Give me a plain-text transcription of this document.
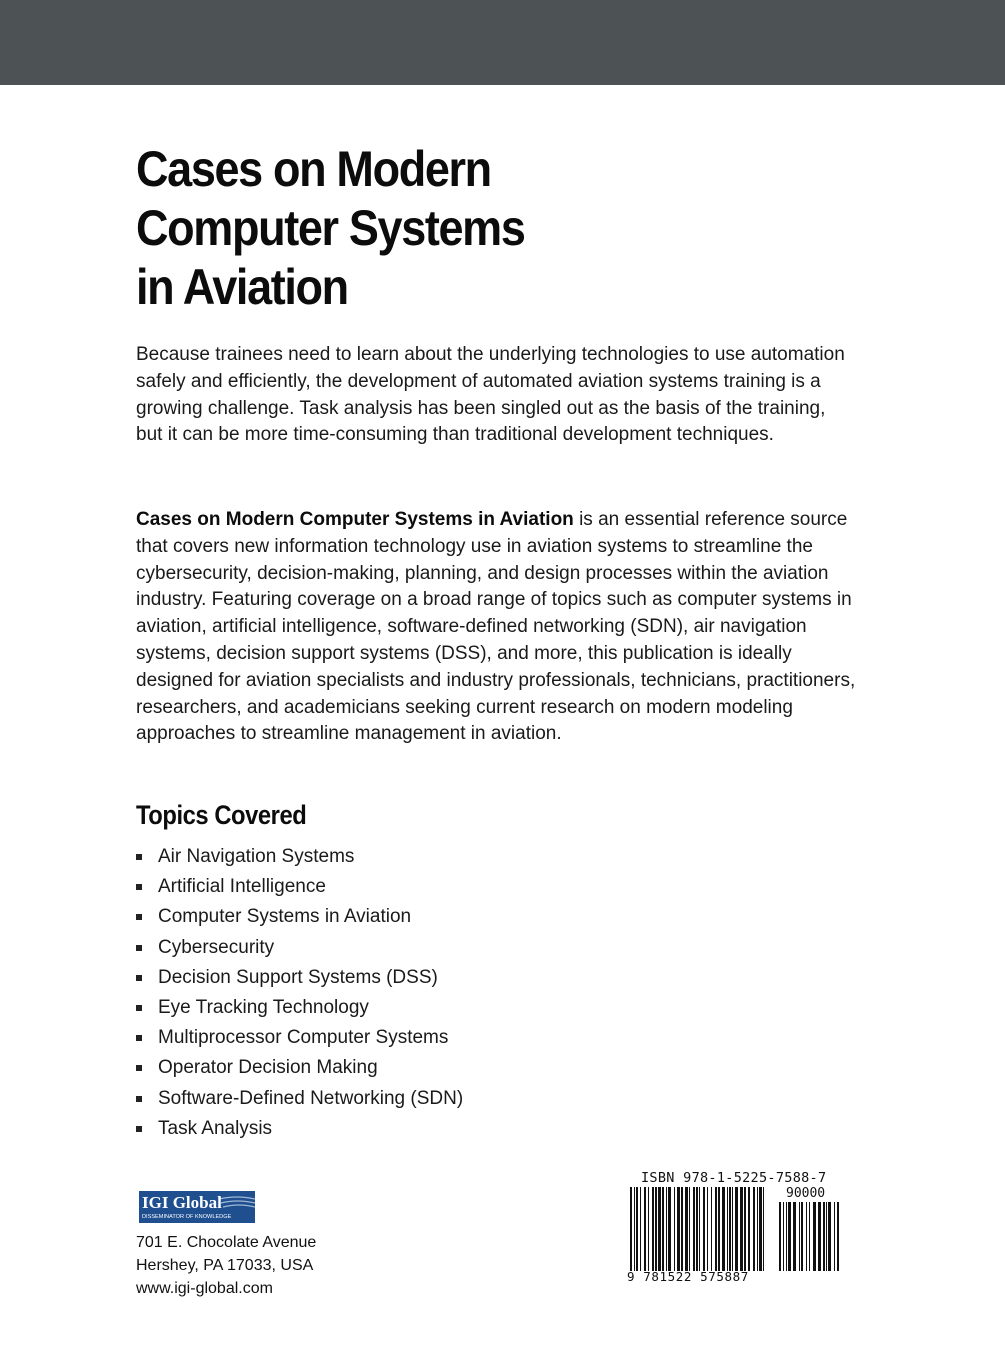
Cases on Modern
Computer Systems
in Aviation

Because trainees need to learn about the underlying technologies to use automation safely and efficiently, the development of automated aviation systems training is a growing challenge. Task analysis has been singled out as the basis of the training, but it can be more time-consuming than traditional development techniques.

Cases on Modern Computer Systems in Aviation is an essential reference source that covers new information technology use in aviation systems to streamline the cybersecurity, decision-making, planning, and design processes within the aviation industry. Featuring coverage on a broad range of topics such as computer systems in aviation, artificial intelligence, software-defined networking (SDN), air navigation systems, decision support systems (DSS), and more, this publication is ideally designed for aviation specialists and industry professionals, technicians, practitioners, researchers, and academicians seeking current research on modern modeling approaches to streamline management in aviation.

Topics Covered
Air Navigation Systems
Artificial Intelligence
Computer Systems in Aviation
Cybersecurity
Decision Support Systems (DSS)
Eye Tracking Technology
Multiprocessor Computer Systems
Operator Decision Making
Software-Defined Networking (SDN)
Task Analysis
IGI Global
DISSEMINATOR OF KNOWLEDGE
701 E. Chocolate Avenue
Hershey, PA 17033, USA
www.igi-global.com
ISBN 978-1-5225-7588-7
90000
9 781522 575887
